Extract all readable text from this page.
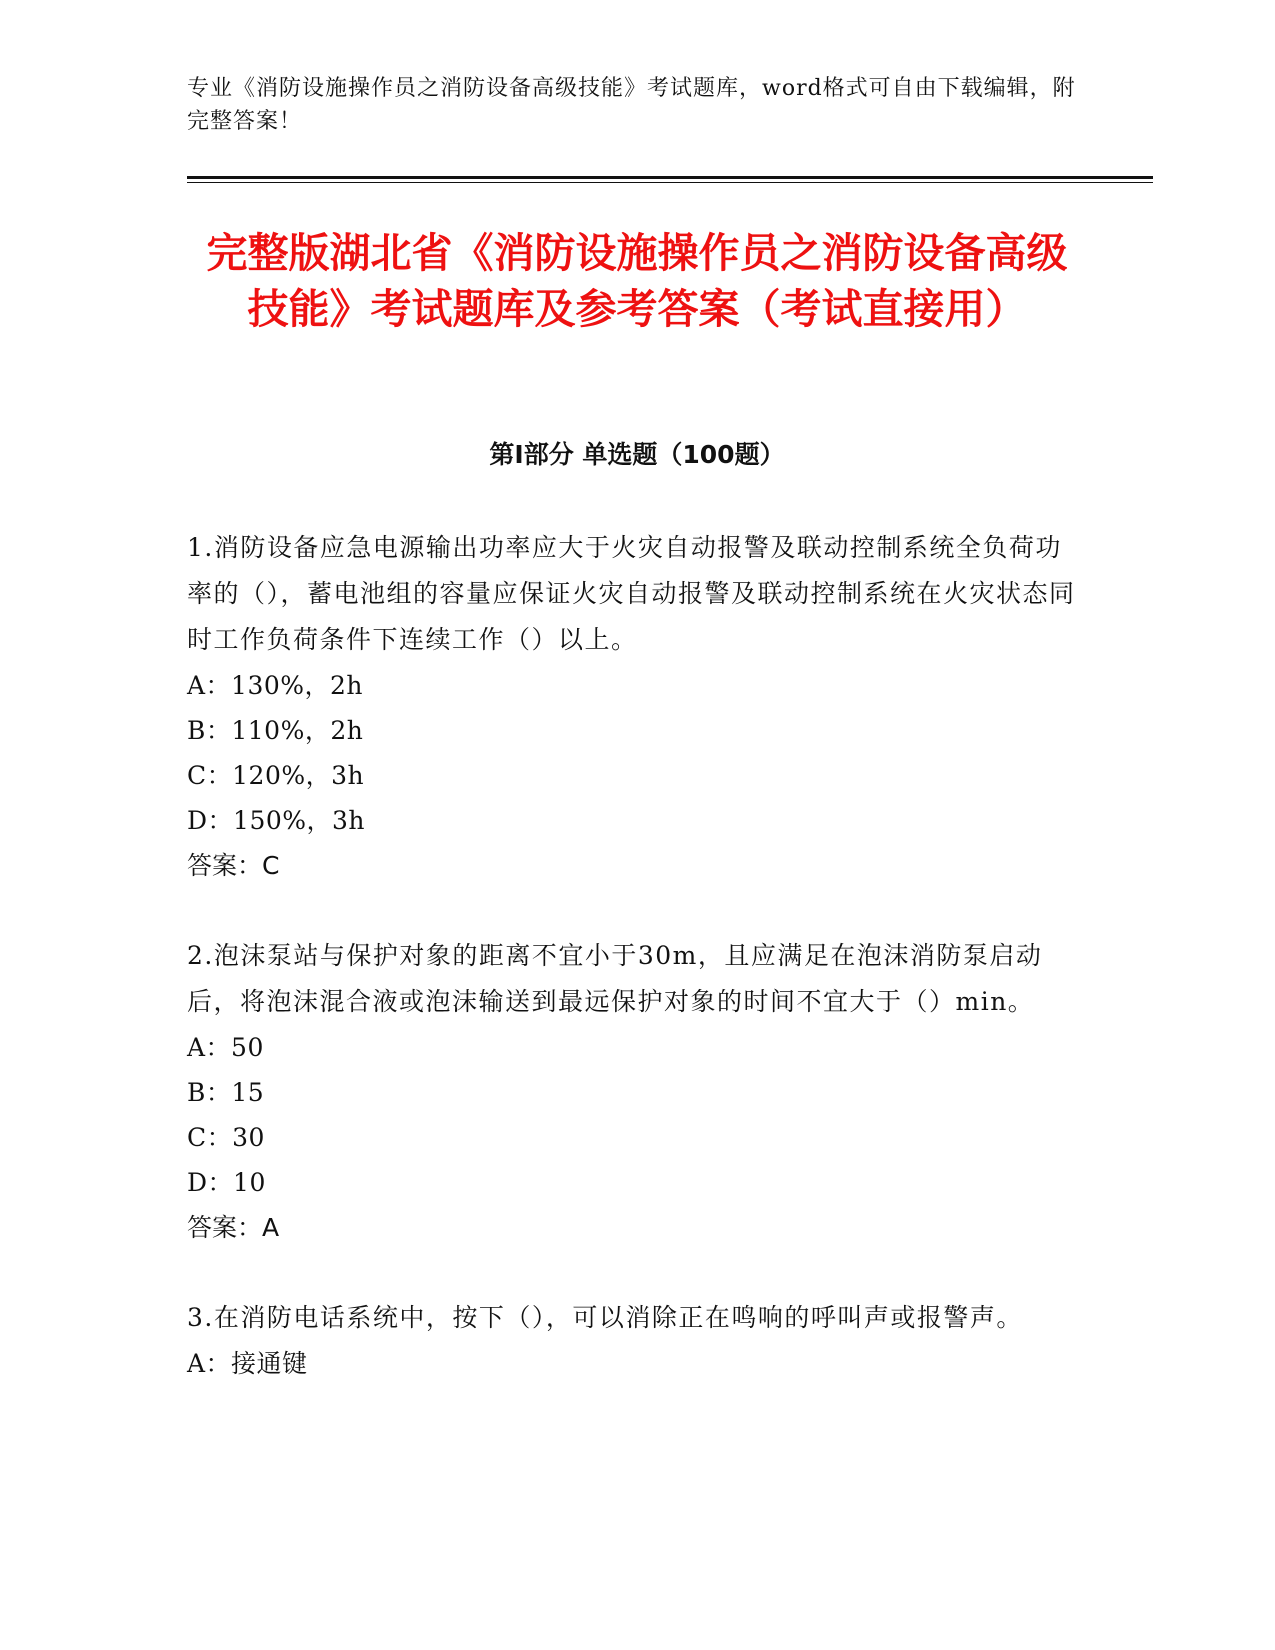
专业《消防设施操作员之消防设备高级技能》考试题库，word格式可自由下载编辑，附完整答案！
完整版湖北省《消防设施操作员之消防设备高级技能》考试题库及参考答案（考试直接用）
第Ⅰ部分 单选题（100题）
1.消防设备应急电源输出功率应大于火灾自动报警及联动控制系统全负荷功率的（），蓄电池组的容量应保证火灾自动报警及联动控制系统在火灾状态同时工作负荷条件下连续工作（）以上。
A：130%，2h
B：110%，2h
C：120%，3h
D：150%，3h
答案：C
2.泡沫泵站与保护对象的距离不宜小于30m，且应满足在泡沫消防泵启动后，将泡沫混合液或泡沫输送到最远保护对象的时间不宜大于（）min。
A：50
B：15
C：30
D：10
答案：A
3.在消防电话系统中，按下（），可以消除正在鸣响的呼叫声或报警声。
A：接通键
